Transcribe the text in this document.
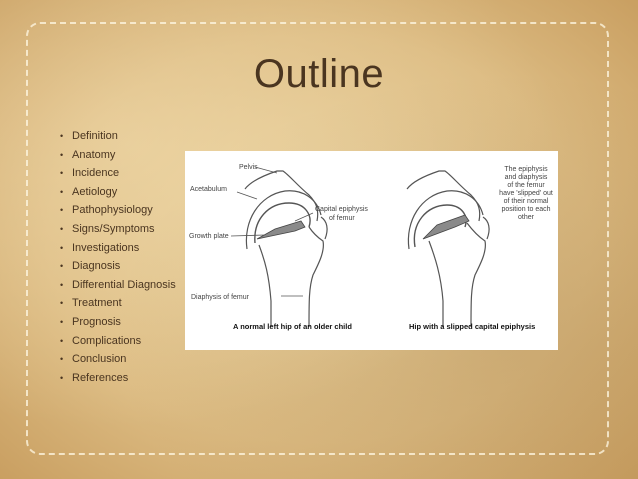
Outline
• Definition
• Anatomy
• Incidence
• Aetiology
• Pathophysiology
• Signs/Symptoms
• Investigations
• Diagnosis
• Differential Diagnosis
• Treatment
• Prognosis
• Complications
• Conclusion
• References
Pelvis
Acetabulum
Capital epiphysis
of femur
Growth plate
Diaphysis of femur
A normal left hip of an older child
The epiphysis
and diaphysis
of the femur
have 'slipped' out
of their normal
position to each
other
Hip with a slipped capital epiphysis
